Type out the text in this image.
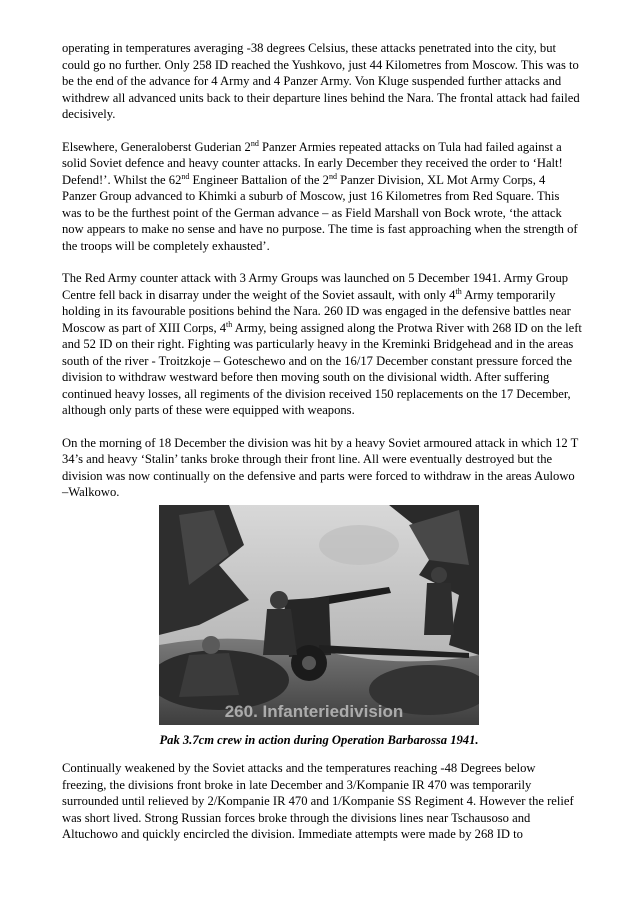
operating in temperatures averaging -38 degrees Celsius, these attacks penetrated into the city, but could go no further. Only 258 ID reached the Yushkovo, just 44 Kilometres from Moscow. This was to be the end of the advance for 4 Army and 4 Panzer Army. Von Kluge suspended further attacks and withdrew all advanced units back to their departure lines behind the Nara. The frontal attack had failed decisively.

Elsewhere, Generaloberst Guderian 2nd Panzer Armies repeated attacks on Tula had failed against a solid Soviet defence and heavy counter attacks. In early December they received the order to ‘Halt! Defend!’. Whilst the 62nd Engineer Battalion of the 2nd Panzer Division, XL Mot Army Corps, 4 Panzer Group advanced to Khimki a suburb of Moscow, just 16 Kilometres from Red Square. This was to be the furthest point of the German advance – as Field Marshall von Bock wrote, ‘the attack now appears to make no sense and have no purpose. The time is fast approaching when the strength of the troops will be completely exhausted’.

The Red Army counter attack with 3 Army Groups was launched on 5 December 1941. Army Group Centre fell back in disarray under the weight of the Soviet assault, with only 4th Army temporarily holding in its favourable positions behind the Nara. 260 ID was engaged in the defensive battles near Moscow as part of XIII Corps, 4th Army, being assigned along the Protwa River with 268 ID on the left and 52 ID on their right. Fighting was particularly heavy in the Kreminki Bridgehead and in the areas south of the river - Troitzkoje – Goteschewo and on the 16/17 December constant pressure forced the division to withdraw westward before then moving south on the divisional width. After suffering continued heavy losses, all regiments of the division received 150 replacements on the 17 December, although only parts of these were equipped with weapons.

On the morning of 18 December the division was hit by a heavy Soviet armoured attack in which 12 T 34’s and heavy ‘Stalin’ tanks broke through their front line. All were eventually destroyed but the division was now continually on the defensive and parts were forced to withdraw in the areas Aulowo –Walkowo.

260. Infanteriedivision
Pak 3.7cm crew in action during Operation Barbarossa 1941.

Continually weakened by the Soviet attacks and the temperatures reaching -48 Degrees below freezing, the divisions front broke in late December and 3/Kompanie IR 470 was temporarily surrounded until relieved by 2/Kompanie IR 470 and 1/Kompanie SS Regiment 4. However the relief was short lived. Strong Russian forces broke through the divisions lines near Tschausoso and Altuchowo and quickly encircled the division. Immediate attempts were made by 268 ID to
